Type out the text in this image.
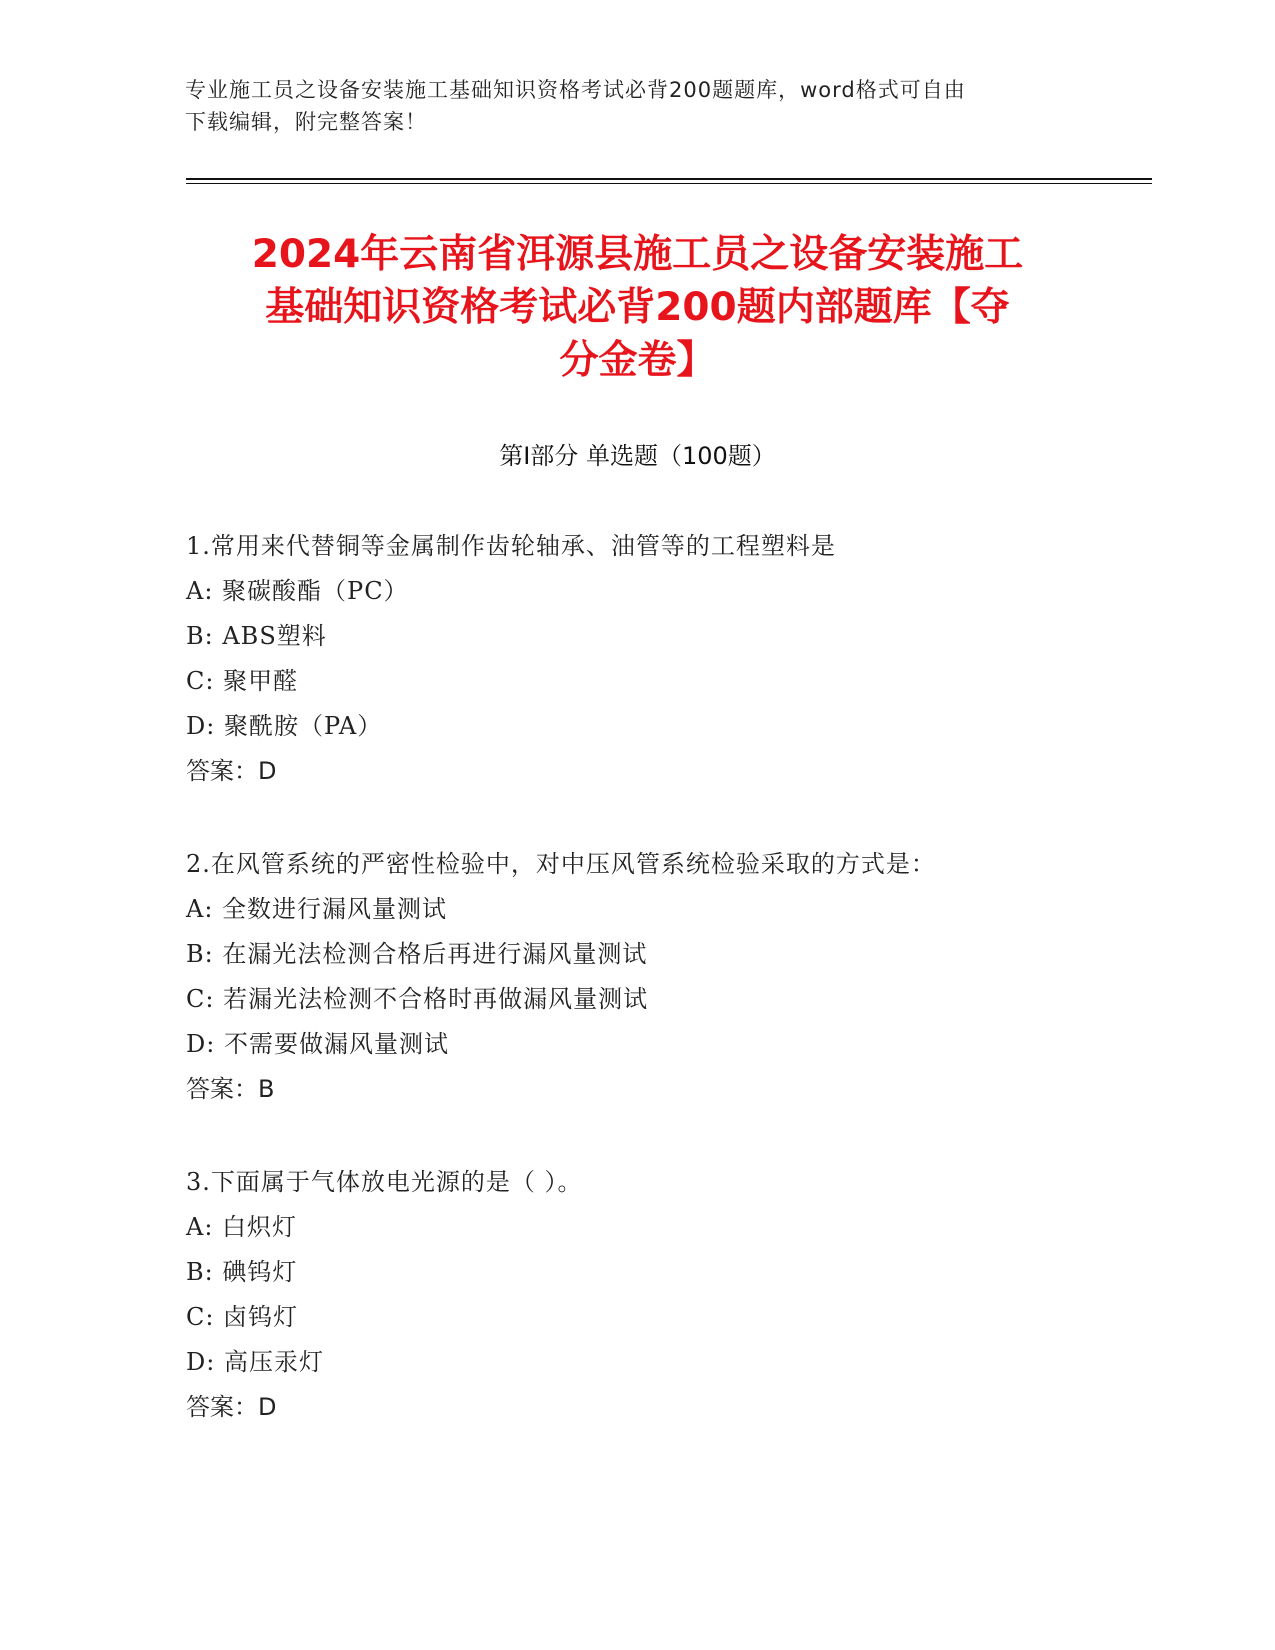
专业施工员之设备安装施工基础知识资格考试必背200题题库，word格式可自由
下载编辑，附完整答案！
2024年云南省洱源县施工员之设备安装施工
基础知识资格考试必背200题内部题库【夺
分金卷】
第Ⅰ部分 单选题（100题）
1.常用来代替铜等金属制作齿轮轴承、油管等的工程塑料是
A: 聚碳酸酯（PC）
B: ABS塑料
C: 聚甲醛
D: 聚酰胺（PA）
答案：D
2.在风管系统的严密性检验中，对中压风管系统检验采取的方式是：
A: 全数进行漏风量测试
B: 在漏光法检测合格后再进行漏风量测试
C: 若漏光法检测不合格时再做漏风量测试
D: 不需要做漏风量测试
答案：B
3.下面属于气体放电光源的是（ ）。
A: 白炽灯
B: 碘钨灯
C: 卤钨灯
D: 高压汞灯
答案：D
